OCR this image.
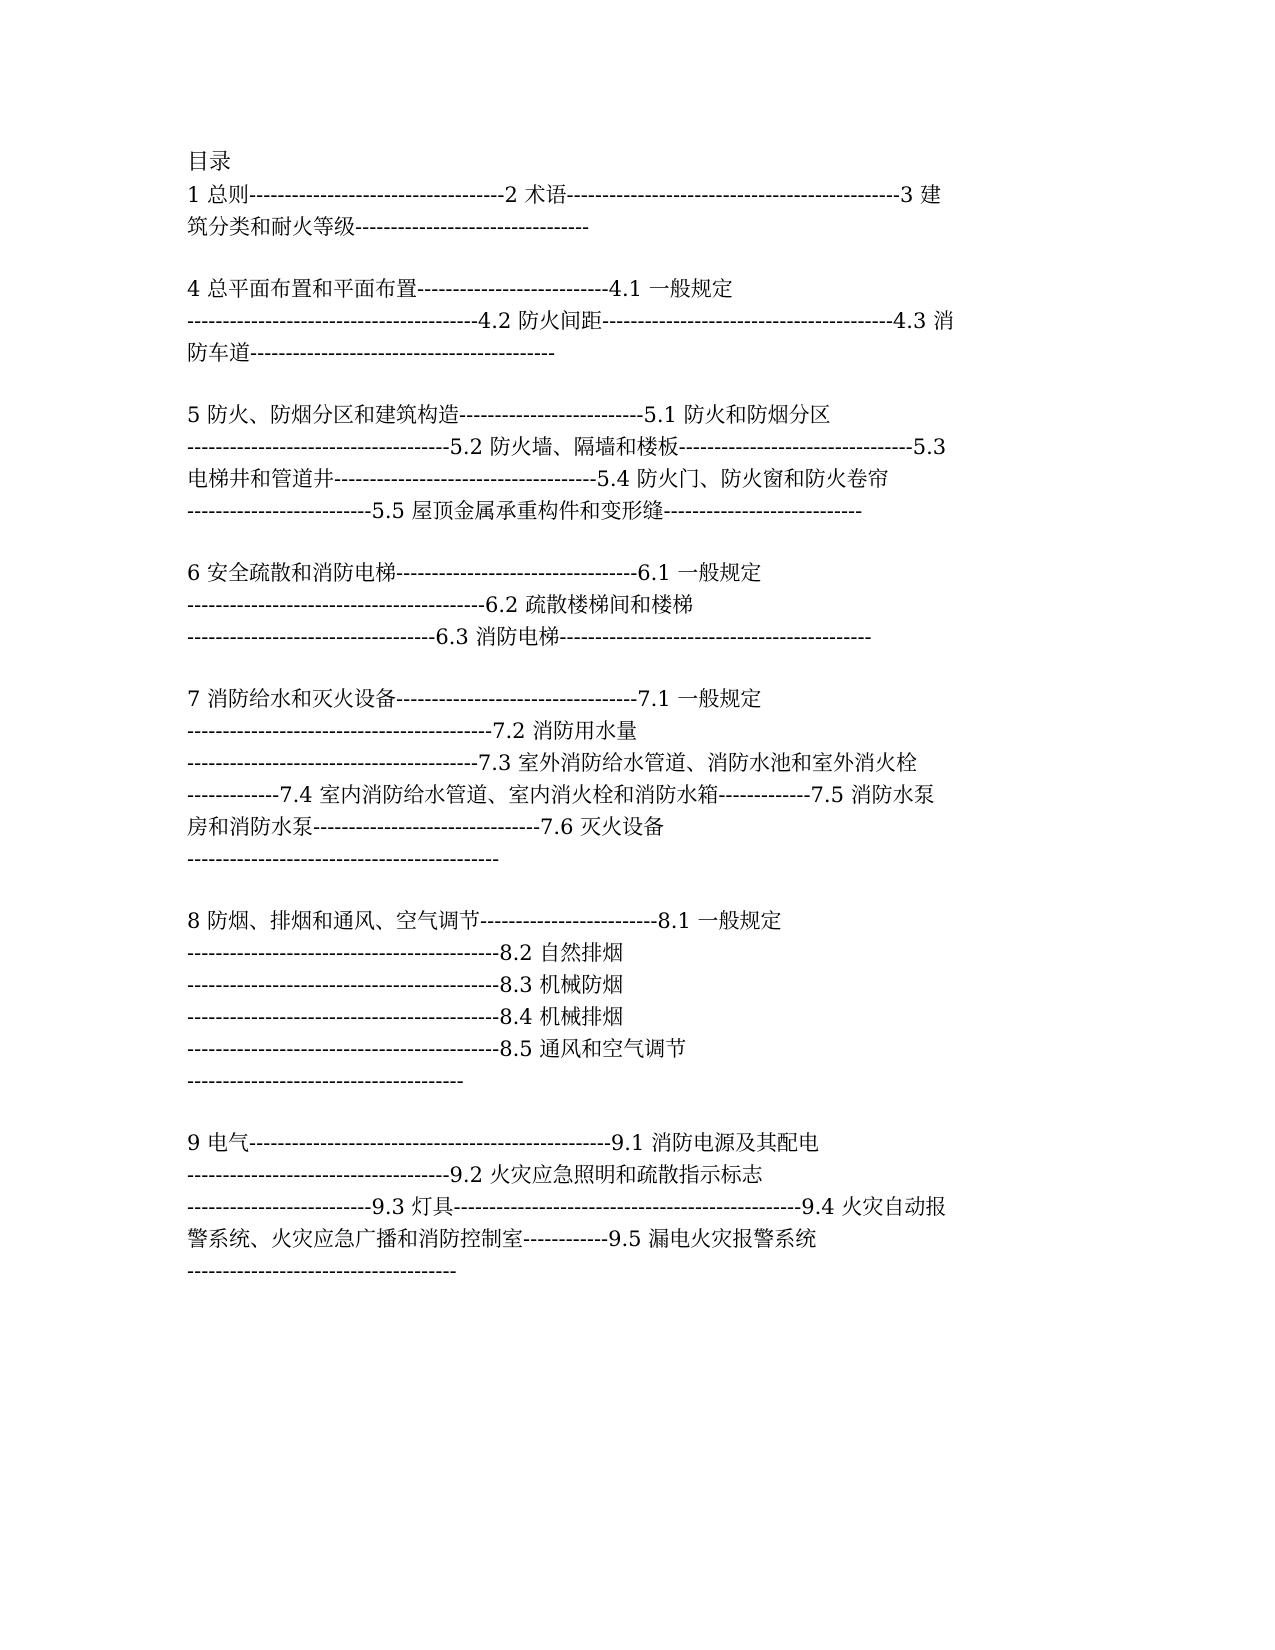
目录
1 总则------------------------------------2 术语-----------------------------------------------3 建
筑分类和耐火等级---------------------------------
4 总平面布置和平面布置---------------------------4.1 一般规定
-----------------------------------------4.2 防火间距-----------------------------------------4.3 消
防车道-------------------------------------------
5 防火、防烟分区和建筑构造--------------------------5.1 防火和防烟分区
-------------------------------------5.2 防火墙、隔墙和楼板---------------------------------5.3
电梯井和管道井-------------------------------------5.4 防火门、防火窗和防火卷帘
--------------------------5.5 屋顶金属承重构件和变形缝----------------------------
6 安全疏散和消防电梯----------------------------------6.1 一般规定
------------------------------------------6.2 疏散楼梯间和楼梯
-----------------------------------6.3 消防电梯--------------------------------------------
7 消防给水和灭火设备----------------------------------7.1 一般规定
-------------------------------------------7.2 消防用水量
-----------------------------------------7.3 室外消防给水管道、消防水池和室外消火栓
-------------7.4 室内消防给水管道、室内消火栓和消防水箱-------------7.5 消防水泵
房和消防水泵--------------------------------7.6 灭火设备
--------------------------------------------
8 防烟、排烟和通风、空气调节-------------------------8.1 一般规定
--------------------------------------------8.2 自然排烟
--------------------------------------------8.3 机械防烟
--------------------------------------------8.4 机械排烟
--------------------------------------------8.5 通风和空气调节
---------------------------------------
9 电气---------------------------------------------------9.1 消防电源及其配电
-------------------------------------9.2 火灾应急照明和疏散指示标志
--------------------------9.3 灯具-------------------------------------------------9.4 火灾自动报
警系统、火灾应急广播和消防控制室------------9.5 漏电火灾报警系统
--------------------------------------
